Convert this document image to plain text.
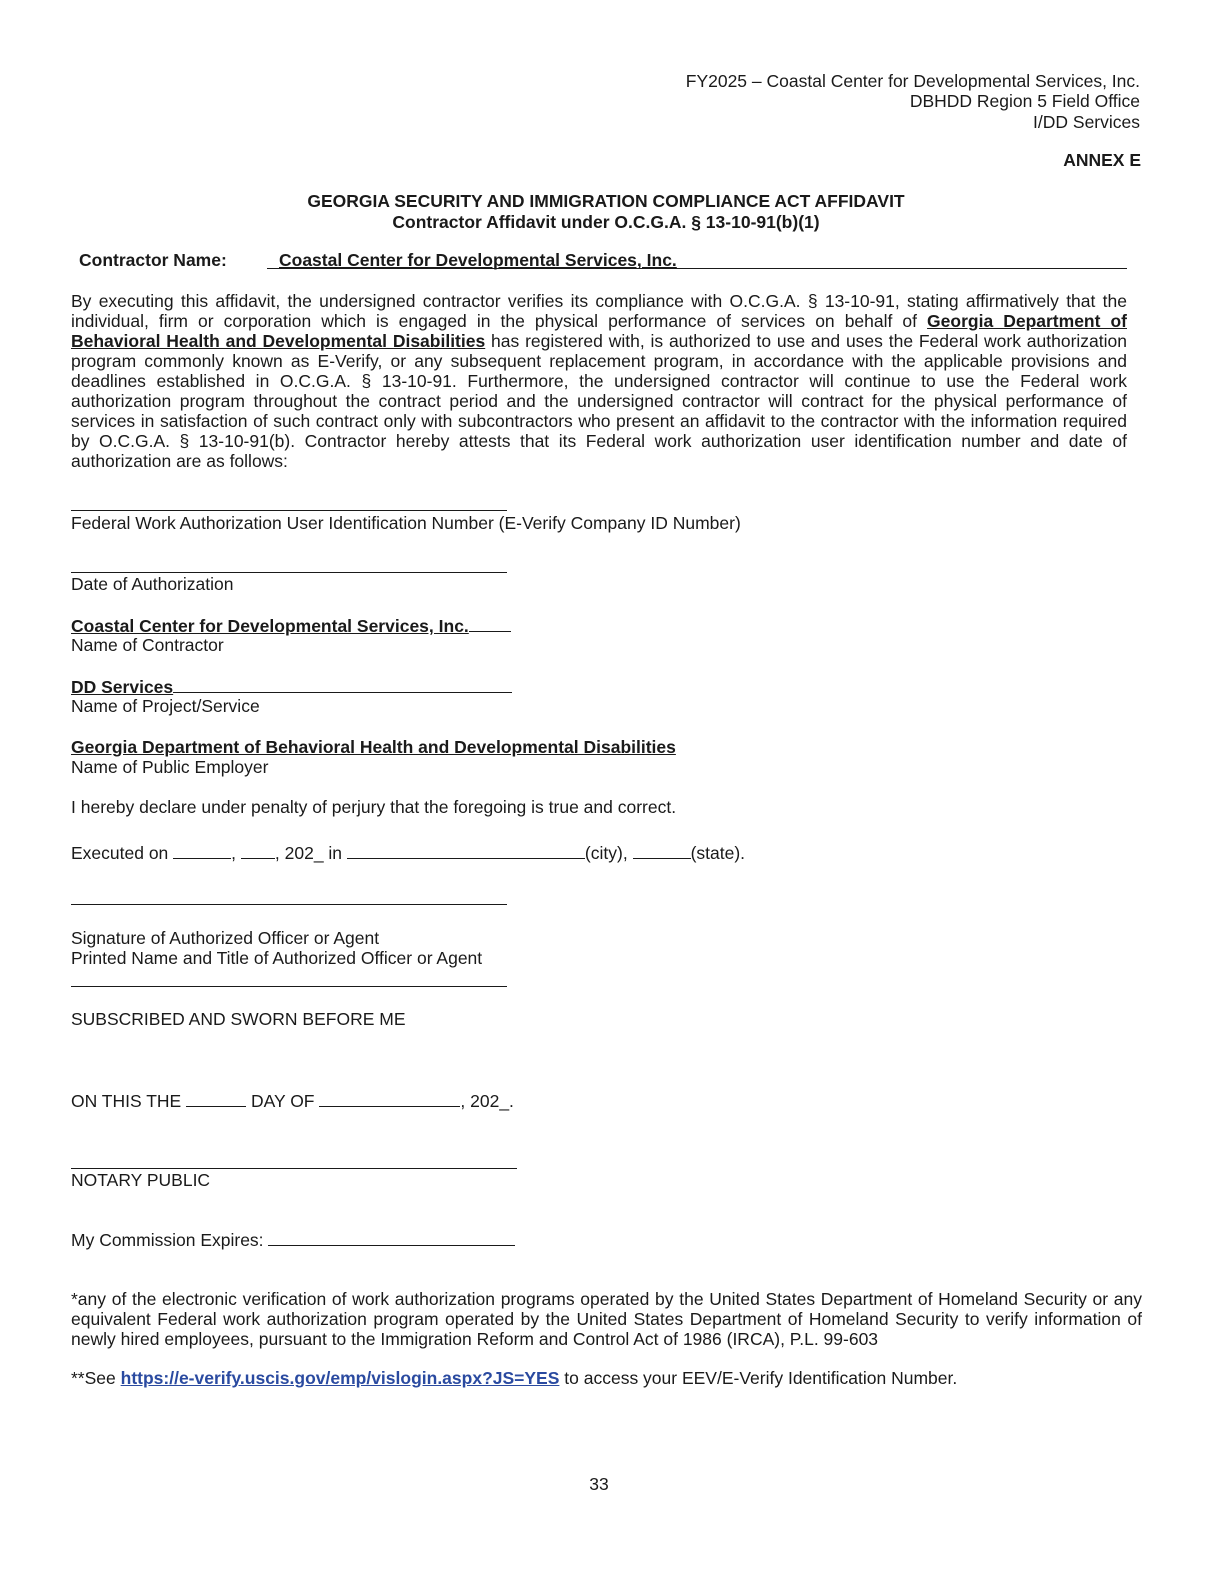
FY2025 – Coastal Center for Developmental Services, Inc.
DBHDD Region 5 Field Office
I/DD Services
ANNEX E
GEORGIA SECURITY AND IMMIGRATION COMPLIANCE ACT AFFIDAVIT
Contractor Affidavit under O.C.G.A. § 13-10-91(b)(1)
Contractor Name:	Coastal Center for Developmental Services, Inc.
By executing this affidavit, the undersigned contractor verifies its compliance with O.C.G.A. § 13-10-91, stating affirmatively that the individual, firm or corporation which is engaged in the physical performance of services on behalf of Georgia Department of Behavioral Health and Developmental Disabilities has registered with, is authorized to use and uses the Federal work authorization program commonly known as E-Verify, or any subsequent replacement program, in accordance with the applicable provisions and deadlines established in O.C.G.A. § 13-10-91. Furthermore, the undersigned contractor will continue to use the Federal work authorization program throughout the contract period and the undersigned contractor will contract for the physical performance of services in satisfaction of such contract only with subcontractors who present an affidavit to the contractor with the information required by O.C.G.A. § 13-10-91(b). Contractor hereby attests that its Federal work authorization user identification number and date of authorization are as follows:
Federal Work Authorization User Identification Number (E-Verify Company ID Number)
Date of Authorization
Coastal Center for Developmental Services, Inc.
Name of Contractor
DD Services
Name of Project/Service
Georgia Department of Behavioral Health and Developmental Disabilities
Name of Public Employer
I hereby declare under penalty of perjury that the foregoing is true and correct.
Executed on	, , 202_ in	(city),	(state).
Signature of Authorized Officer or Agent
Printed Name and Title of Authorized Officer or Agent
SUBSCRIBED AND SWORN BEFORE ME
ON THIS THE	DAY OF	, 202_.
NOTARY PUBLIC
My Commission Expires:
*any of the electronic verification of work authorization programs operated by the United States Department of Homeland Security or any equivalent Federal work authorization program operated by the United States Department of Homeland Security to verify information of newly hired employees, pursuant to the Immigration Reform and Control Act of 1986 (IRCA), P.L. 99-603
**See https://e-verify.uscis.gov/emp/vislogin.aspx?JS=YES to access your EEV/E-Verify Identification Number.
33
